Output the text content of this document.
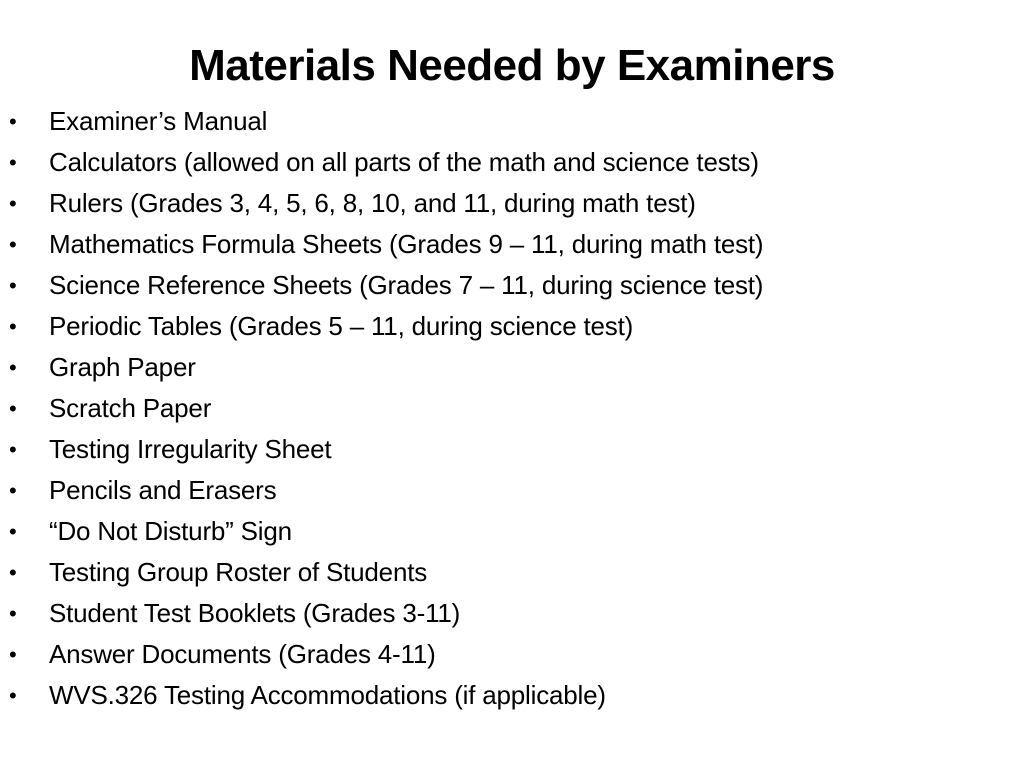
Materials Needed by Examiners
•	Examiner’s Manual
•	Calculators (allowed on all parts of the math and science tests)
•	Rulers (Grades 3, 4, 5, 6, 8, 10, and 11, during math test)
•	Mathematics Formula Sheets (Grades 9 – 11, during math test)
•	Science Reference Sheets (Grades 7 – 11, during science test)
•	Periodic Tables (Grades 5 – 11, during science test)
•	Graph Paper
•	Scratch Paper
•	Testing Irregularity Sheet
•	Pencils and Erasers
•	“Do Not Disturb” Sign
•	Testing Group Roster of Students
•	Student Test Booklets (Grades 3-11)
•	Answer Documents (Grades 4-11)
•	WVS.326 Testing Accommodations (if applicable)
